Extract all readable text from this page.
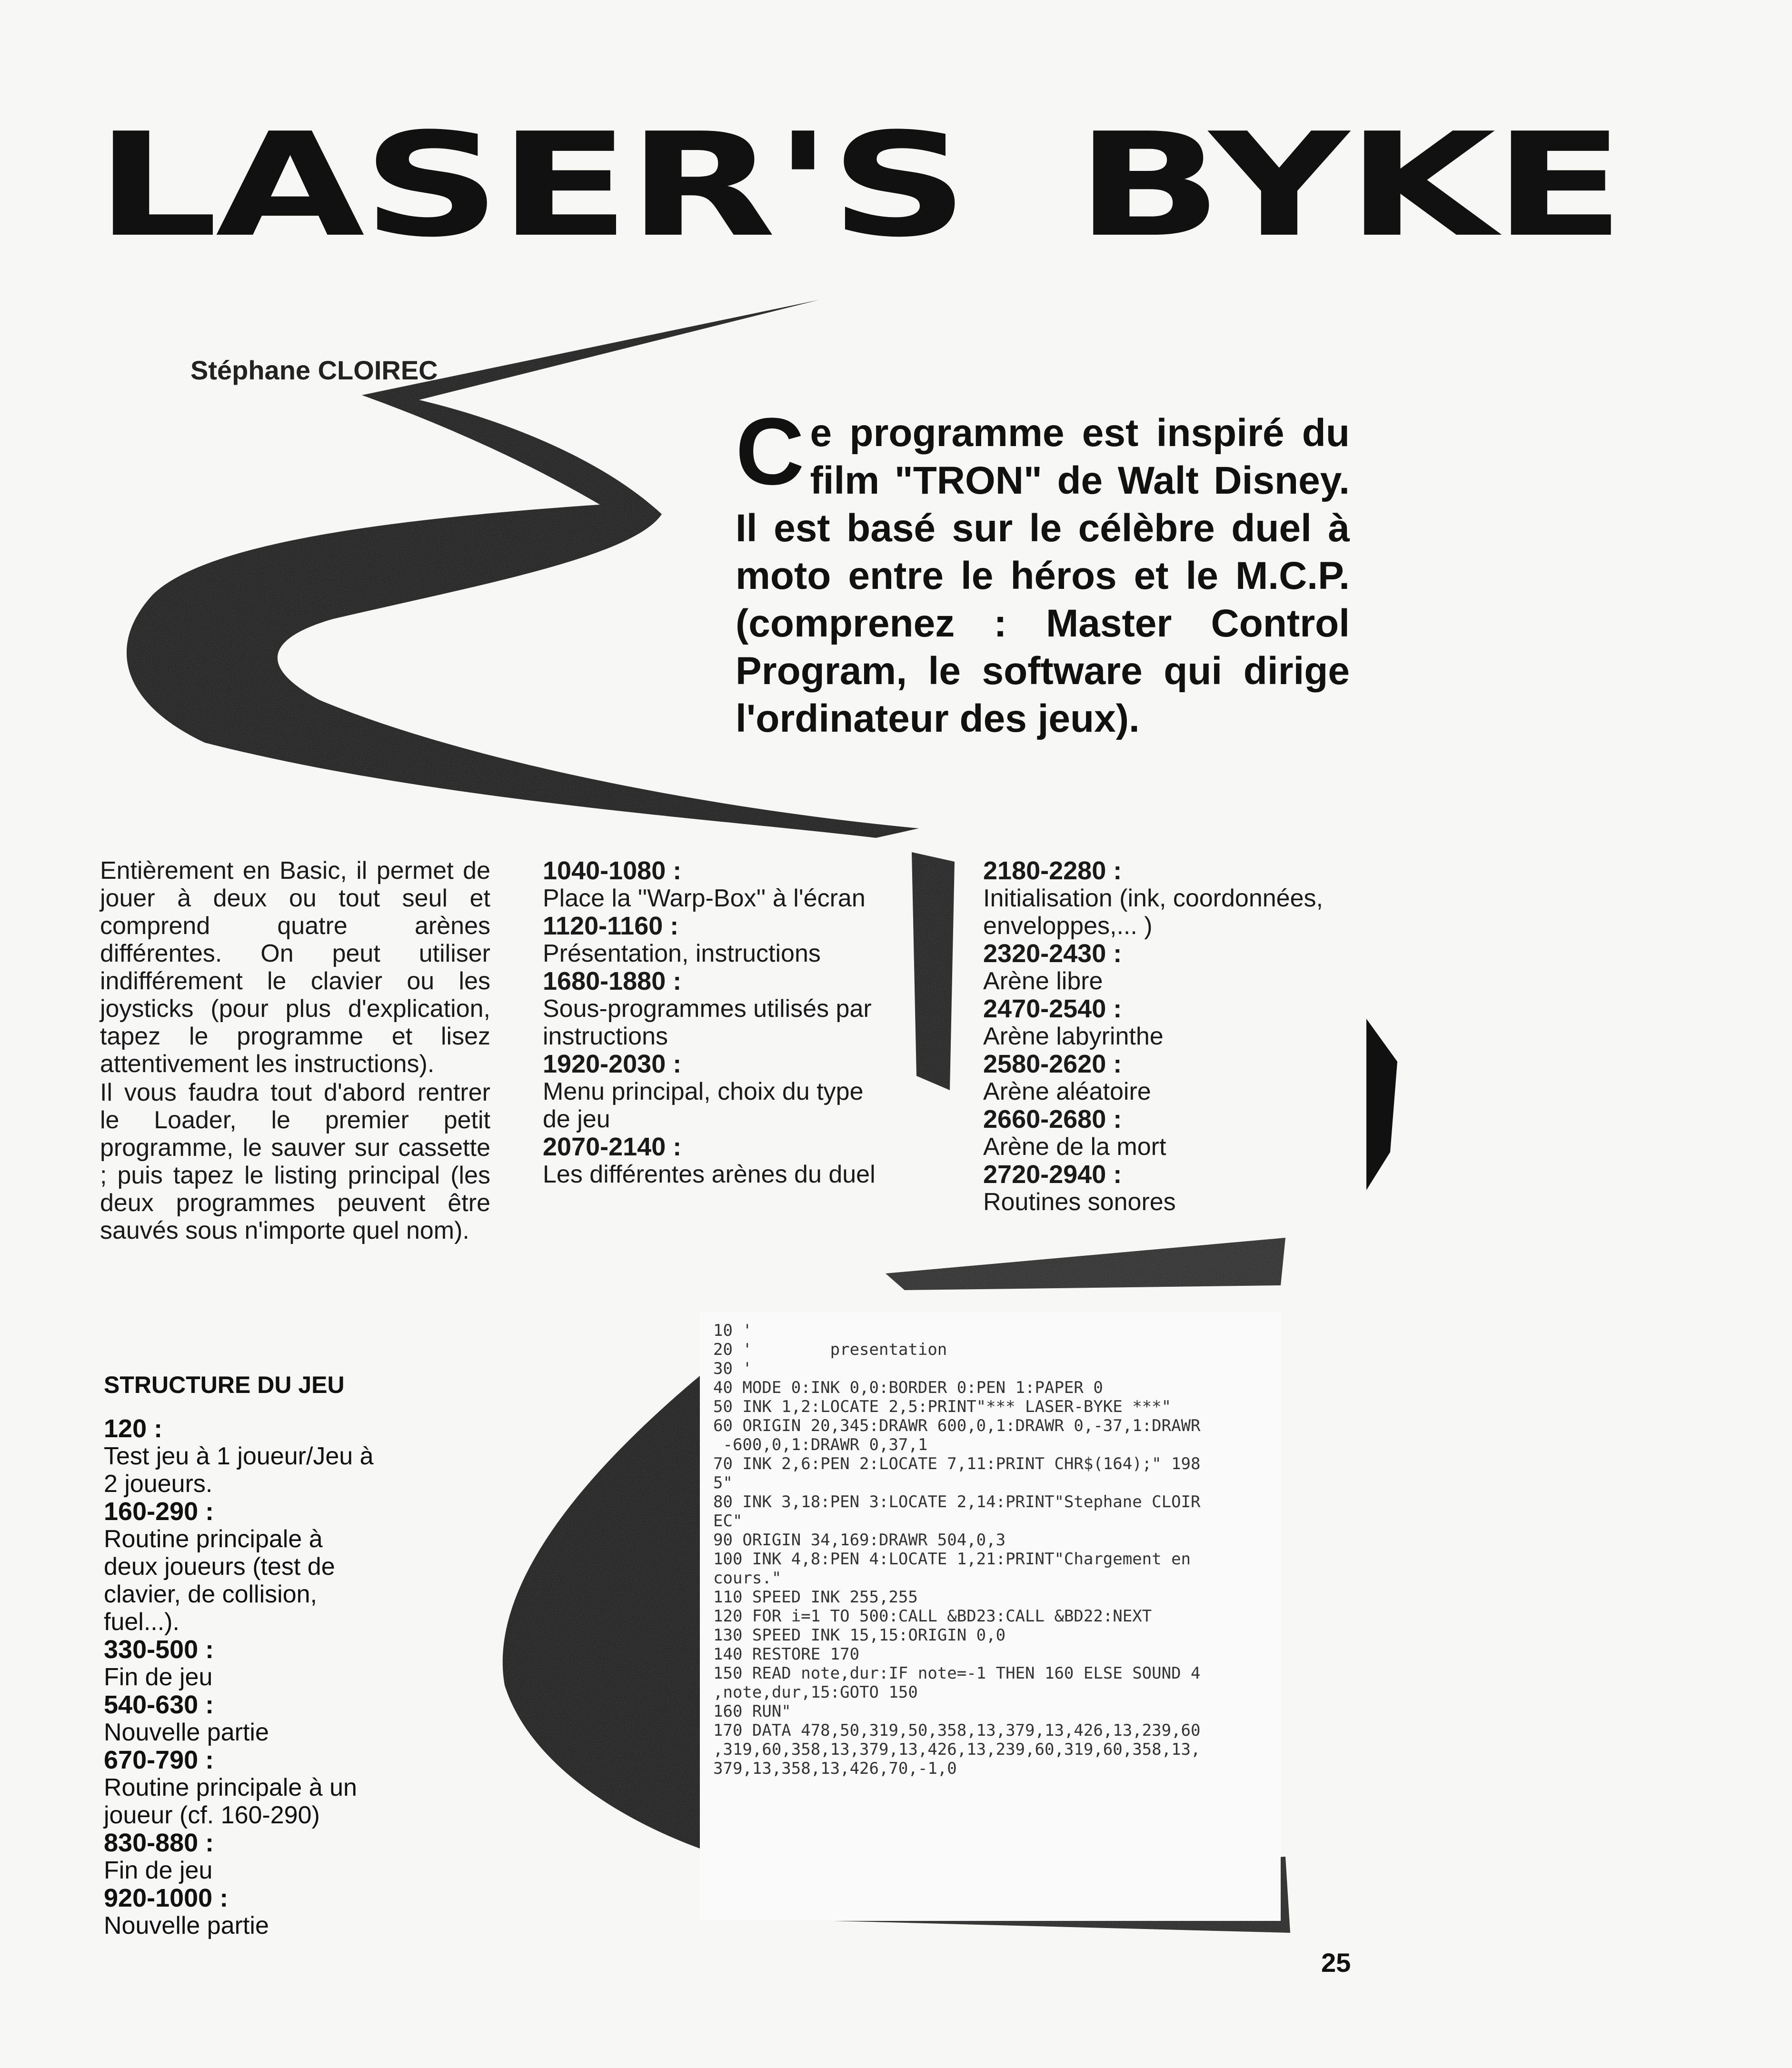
LASER'S BYKE
Stéphane CLOIREC
Ce programme est inspiré du film "TRON" de Walt Disney. Il est basé sur le célèbre duel à moto entre le héros et le M.C.P. (comprenez : Master Control Program, le software qui dirige l'ordinateur des jeux).

Entièrement en Basic, il permet de jouer à deux ou tout seul et comprend quatre arènes différentes. On peut utiliser indifférement le clavier ou les joysticks (pour plus d'explication, tapez le programme et lisez attentivement les instructions).

Il vous faudra tout d'abord rentrer le Loader, le premier petit programme, le sauver sur cassette ; puis tapez le listing principal (les deux programmes peuvent être sauvés sous n'importe quel nom).

1040-1080 :
Place la ''Warp-Box'' à l'écran
1120-1160 :
Présentation, instructions
1680-1880 :
Sous-programmes utilisés par instructions
1920-2030 :
Menu principal, choix du type de jeu
2070-2140 :
Les différentes arènes du duel
2180-2280 :
Initialisation (ink, coordonnées, enveloppes,... )
2320-2430 :
Arène libre
2470-2540 :
Arène labyrinthe
2580-2620 :
Arène aléatoire
2660-2680 :
Arène de la mort
2720-2940 :
Routines sonores
STRUCTURE DU JEU
120 :
Test jeu à 1 joueur/Jeu à 2 joueurs.
160-290 :
Routine principale à deux joueurs (test de clavier, de collision, fuel...).
330-500 :
Fin de jeu
540-630 :
Nouvelle partie
670-790 :
Routine principale à un joueur (cf. 160-290)
830-880 :
Fin de jeu
920-1000 :
Nouvelle partie
10 '
20 '        presentation
30 '
40 MODE 0:INK 0,0:BORDER 0:PEN 1:PAPER 0
50 INK 1,2:LOCATE 2,5:PRINT"*** LASER-BYKE ***"
60 ORIGIN 20,345:DRAWR 600,0,1:DRAWR 0,-37,1:DRAWR
-600,0,1:DRAWR 0,37,1
70 INK 2,6:PEN 2:LOCATE 7,11:PRINT CHR$(164);" 198
5"
80 INK 3,18:PEN 3:LOCATE 2,14:PRINT"Stephane CLOIR
EC"
90 ORIGIN 34,169:DRAWR 504,0,3
100 INK 4,8:PEN 4:LOCATE 1,21:PRINT"Chargement en
cours."
110 SPEED INK 255,255
120 FOR i=1 TO 500:CALL &BD23:CALL &BD22:NEXT
130 SPEED INK 15,15:ORIGIN 0,0
140 RESTORE 170
150 READ note,dur:IF note=-1 THEN 160 ELSE SOUND 4
,note,dur,15:GOTO 150
160 RUN"
170 DATA 478,50,319,50,358,13,379,13,426,13,239,60
,319,60,358,13,379,13,426,13,239,60,319,60,358,13,
379,13,358,13,426,70,-1,0
25
